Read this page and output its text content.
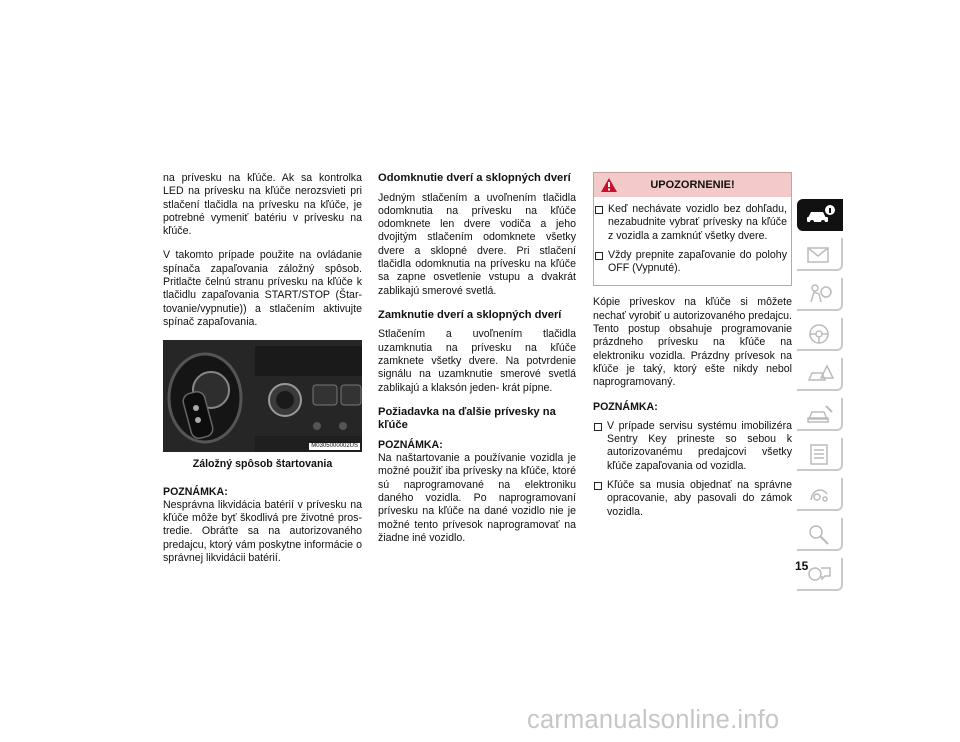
na prívesku na kľúče. Ak sa kontrolka LED na prívesku na kľúče nerozsvieti pri stlačení tlačidla na prívesku na kľúče, je potrebné vymeniť batériu v prívesku na kľúče.

V takomto prípade použite na ovládanie spínača zapaľovania záložný spôsob. Pritlačte čelnú stranu prívesku na kľúče k tlačidlu zapaľovania START/STOP (Štar- tovanie/vypnutie)) a stlačením aktivujte spínač zapaľovania.

M0305000002US
Záložný spôsob štartovania
POZNÁMKA:

Nesprávna likvidácia batérií v prívesku na kľúče môže byť škodlivá pre životné pros- tredie. Obráťte sa na autorizovaného predajcu, ktorý vám poskytne informácie o správnej likvidácii batérií.

Odomknutie dverí a sklopných dverí

Jedným stlačením a uvoľnením tlačidla odomknutia na prívesku na kľúče odomknete len dvere vodiča a jeho dvojitým stlačením odomknete všetky dvere a sklopné dvere. Pri stlačení tlačidla odomknutia na prívesku na kľúče sa zapne osvetlenie vstupu a dvakrát zablikajú smerové svetlá.

Zamknutie dverí a sklopných dverí

Stlačením a uvoľnením tlačidla uzamknutia na prívesku na kľúče zamknete všetky dvere. Na potvrdenie signálu na uzamknutie smerové svetlá zablikajú a klaksón jeden- krát pípne.

Požiadavka na ďalšie prívesky na kľúče
POZNÁMKA:

Na naštartovanie a používanie vozidla je možné použiť iba prívesky na kľúče, ktoré sú naprogramované na elektroniku daného vozidla. Po naprogramovaní prívesku na kľúče na dané vozidlo nie je možné tento prívesok naprogramovať na žiadne iné vozidlo.

UPOZORNENIE!
Keď nechávate vozidlo bez dohľadu, nezabudnite vybrať prívesky na kľúče z vozidla a zamknúť všetky dvere.
Vždy prepnite zapaľovanie do polohy OFF (Vypnuté).

Kópie príveskov na kľúče si môžete nechať vyrobiť u autorizovaného predajcu. Tento postup obsahuje programovanie prázdneho prívesku na kľúče na elektroniku vozidla. Prázdny prívesok na kľúče je taký, ktorý ešte nikdy nebol naprogramovaný.

POZNÁMKA:
V prípade servisu systému imobilizéra Sentry Key prineste so sebou k autorizovanému predajcovi všetky kľúče zapaľovania od vozidla.
Kľúče sa musia objednať na správne opracovanie, aby pasovali do zámok vozidla.
15
carmanualsonline.info
